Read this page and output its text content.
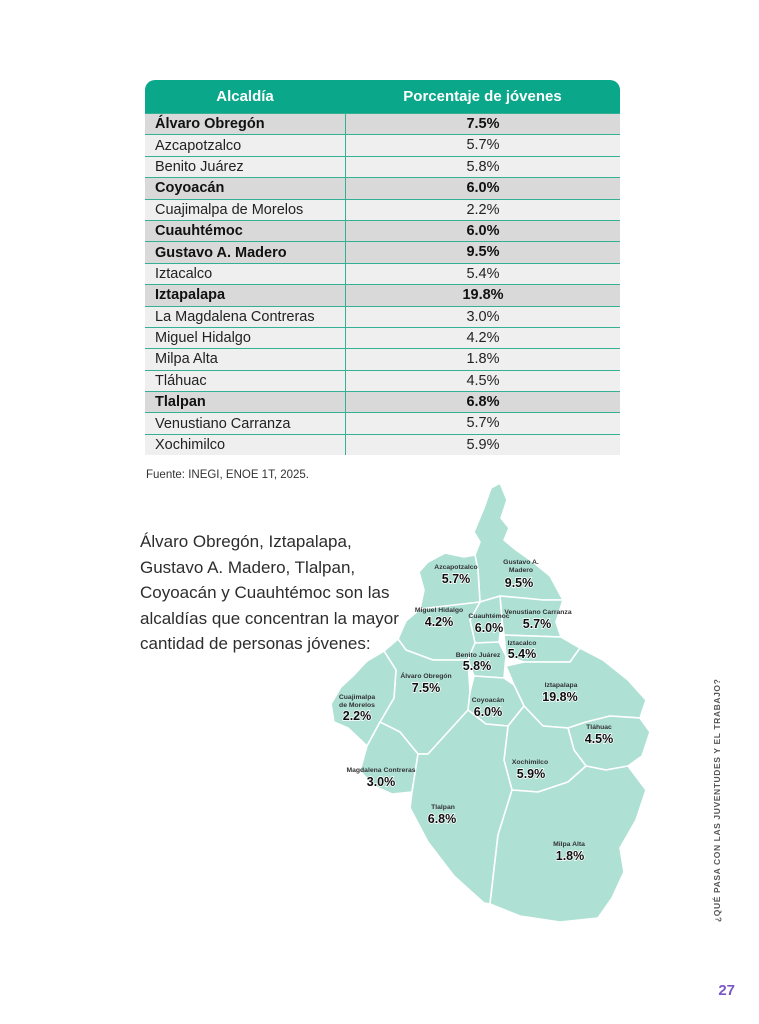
Alcaldía	Porcentaje de jóvenes
Álvaro Obregón	7.5%
Azcapotzalco	5.7%
Benito Juárez	5.8%
Coyoacán	6.0%
Cuajimalpa de Morelos	2.2%
Cuauhtémoc	6.0%
Gustavo A. Madero	9.5%
Iztacalco	5.4%
Iztapalapa	19.8%
La Magdalena Contreras	3.0%
Miguel Hidalgo	4.2%
Milpa Alta	1.8%
Tláhuac	4.5%
Tlalpan	6.8%
Venustiano Carranza	5.7%
Xochimilco	5.9%
Fuente: INEGI, ENOE 1T, 2025.
Álvaro Obregón, Iztapalapa, Gustavo A. Madero, Tlalpan, Coyoacán y Cuauhtémoc son las alcaldías que concentran la mayor cantidad de personas jóvenes:
Azcapotzalco
5.7%
Gustavo A.
Madero
9.5%
Miguel Hidalgo
4.2% Cuauhtémoc
6.0%
Venustiano Carranza
5.7%
Iztacalco
5.4%
Benito Juárez
5.8%
Álvaro Obregón
7.5%
Cuajimalpa
de Morelos
2.2%
Coyoacán
6.0%
Iztapalapa
19.8%
Tláhuac
4.5%
Magdalena Contreras
3.0%
Xochimilco
5.9%
Tlalpan
6.8%
Milpa Alta
1.8%	¿QUÉ PASA CON LAS JUVENTUDES Y EL TRABAJO?
27
